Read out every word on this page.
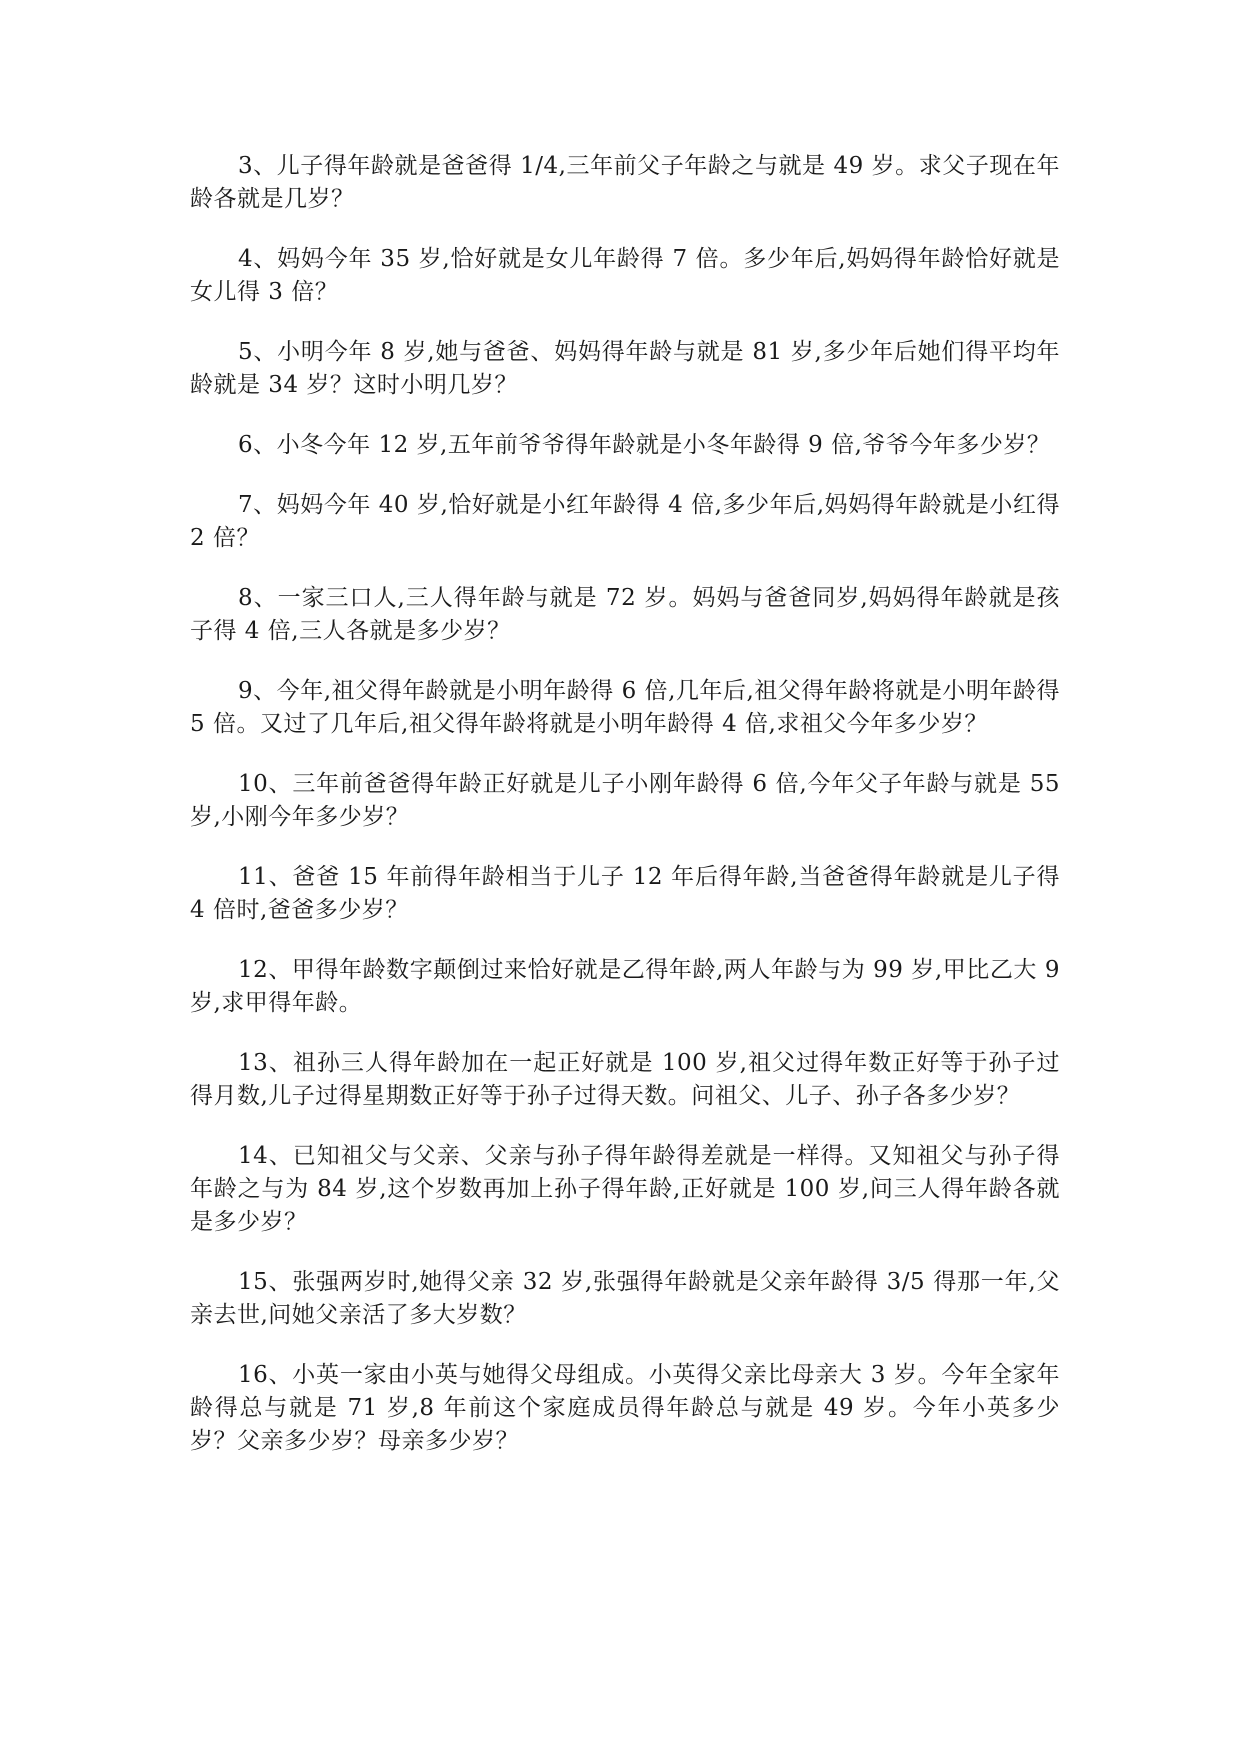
3、儿子得年龄就是爸爸得 1/4,三年前父子年龄之与就是 49 岁。求父子现在年龄各就是几岁？

4、妈妈今年 35 岁,恰好就是女儿年龄得 7 倍。多少年后,妈妈得年龄恰好就是女儿得 3 倍？

5、小明今年 8 岁,她与爸爸、妈妈得年龄与就是 81 岁,多少年后她们得平均年龄就是 34 岁？这时小明几岁？

6、小冬今年 12 岁,五年前爷爷得年龄就是小冬年龄得 9 倍,爷爷今年多少岁？

7、妈妈今年 40 岁,恰好就是小红年龄得 4 倍,多少年后,妈妈得年龄就是小红得 2 倍？

8、一家三口人,三人得年龄与就是 72 岁。妈妈与爸爸同岁,妈妈得年龄就是孩子得 4 倍,三人各就是多少岁？

9、今年,祖父得年龄就是小明年龄得 6 倍,几年后,祖父得年龄将就是小明年龄得 5 倍。又过了几年后,祖父得年龄将就是小明年龄得 4 倍,求祖父今年多少岁？

10、三年前爸爸得年龄正好就是儿子小刚年龄得 6 倍,今年父子年龄与就是 55 岁,小刚今年多少岁？

11、爸爸 15 年前得年龄相当于儿子 12 年后得年龄,当爸爸得年龄就是儿子得 4 倍时,爸爸多少岁？

12、甲得年龄数字颠倒过来恰好就是乙得年龄,两人年龄与为 99 岁,甲比乙大 9 岁,求甲得年龄。

13、祖孙三人得年龄加在一起正好就是 100 岁,祖父过得年数正好等于孙子过得月数,儿子过得星期数正好等于孙子过得天数。问祖父、儿子、孙子各多少岁？

14、已知祖父与父亲、父亲与孙子得年龄得差就是一样得。又知祖父与孙子得年龄之与为 84 岁,这个岁数再加上孙子得年龄,正好就是 100 岁,问三人得年龄各就是多少岁？

15、张强两岁时,她得父亲 32 岁,张强得年龄就是父亲年龄得 3/5 得那一年,父亲去世,问她父亲活了多大岁数？

16、小英一家由小英与她得父母组成。小英得父亲比母亲大 3 岁。今年全家年龄得总与就是 71 岁,8 年前这个家庭成员得年龄总与就是 49 岁。今年小英多少岁？父亲多少岁？母亲多少岁？
